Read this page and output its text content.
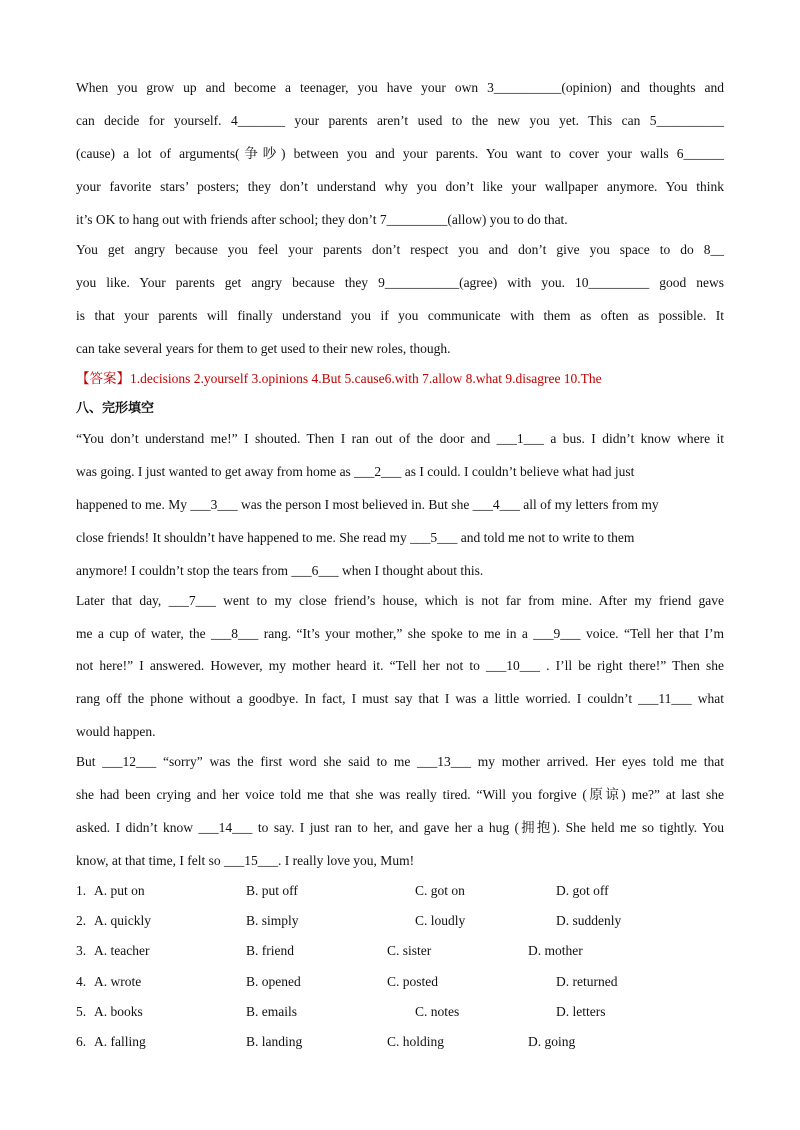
When you grow up and become a teenager, you have your own 3__________(opinion) and thoughts and
can decide for yourself. 4_______ your parents aren’t used to the new you yet. This can 5__________
(cause) a lot of arguments(争吵) between you and your parents. You want to cover your walls 6______
your favorite stars’ posters; they don’t understand why you don’t like your wallpaper anymore. You think
it’s OK to hang out with friends after school; they don’t 7_________(allow) you to do that.
You get angry because you feel your parents don’t respect you and don’t give you space to do 8__
you like. Your parents get angry because they 9___________(agree) with you. 10_________ good news
is that your parents will finally understand you if you communicate with them as often as possible. It
can take several years for them to get used to their new roles, though.
【答案】1.decisions 2.yourself 3.opinions 4.But 5.cause6.with 7.allow 8.what 9.disagree 10.The
八、完形填空
“You don’t understand me!” I shouted. Then I ran out of the door and ___1___ a bus. I didn’t know where it
was going. I just wanted to get away from home as ___2___ as I could. I couldn’t believe what had just
happened to me. My ___3___ was the person I most believed in. But she ___4___ all of my letters from my
close friends! It shouldn’t have happened to me. She read my ___5___ and told me not to write to them
anymore! I couldn’t stop the tears from ___6___ when I thought about this.
Later that day, ___7___ went to my close friend’s house, which is not far from mine. After my friend gave
me a cup of water, the ___8___ rang. “It’s your mother,” she spoke to me in a ___9___ voice. “Tell her that I’m
not here!” I answered. However, my mother heard it. “Tell her not to ___10___ . I’ll be right there!” Then she
rang off the phone without a goodbye. In fact, I must say that I was a little worried. I couldn’t ___11___ what
would happen.
But ___12___ “sorry” was the first word she said to me ___13___ my mother arrived. Her eyes told me that
she had been crying and her voice told me that she was really tired. “Will you forgive (原谅) me?” at last she
asked. I didn’t know ___14___ to say. I just ran to her, and gave her a hug (拥抱). She held me so tightly. You
know, at that time, I felt so ___15___. I really love you, Mum!
1. A. put on	B. put off	C. got on	D. got off
2. A. quickly	B. simply	C. loudly	D. suddenly
3. A. teacher	B. friend	C. sister	D. mother
4. A. wrote	B. opened	C. posted	D. returned
5. A. books	B. emails	C. notes	D. letters
6. A. falling	B. landing	C. holding	D. going
